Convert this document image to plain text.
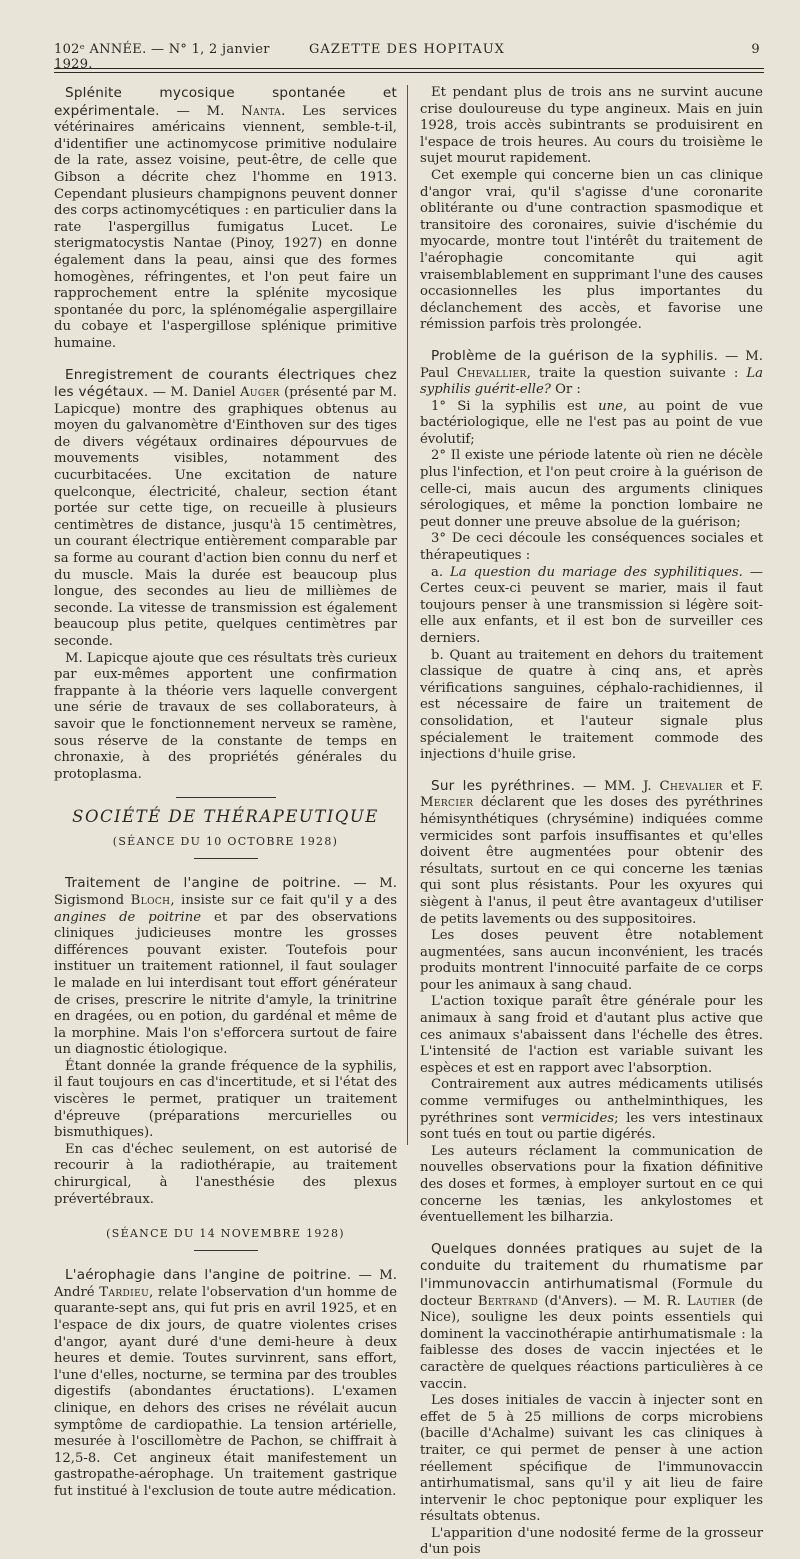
102ᵉ ANNÉE. — N° 1, 2 janvier 1929.
GAZETTE DES HOPITAUX	9

Splénite mycosique spontanée et expérimentale. — M. Nanta. Les services vétérinaires américains viennent, semble-t-il, d'identifier une actinomycose primitive nodulaire de la rate, assez voisine, peut-être, de celle que Gibson a décrite chez l'homme en 1913. Cependant plusieurs champignons peuvent donner des corps actinomycétiques : en particulier dans la rate l'aspergillus fumigatus Lucet. Le sterigmatocystis Nantae (Pinoy, 1927) en donne également dans la peau, ainsi que des formes homogènes, réfringentes, et l'on peut faire un rapprochement entre la splénite mycosique spontanée du porc, la splénomégalie aspergillaire du cobaye et l'aspergillose splénique primitive humaine.

Enregistrement de courants électriques chez les végétaux. — M. Daniel Auger (présenté par M. Lapicque) montre des graphiques obtenus au moyen du galvanomètre d'Einthoven sur des tiges de divers végétaux ordinaires dépourvues de mouvements visibles, notamment des cucurbitacées. Une excitation de nature quelconque, électricité, chaleur, section étant portée sur cette tige, on recueille à plusieurs centimètres de distance, jusqu'à 15 centimètres, un courant électrique entièrement comparable par sa forme au courant d'action bien connu du nerf et du muscle. Mais la durée est beaucoup plus longue, des secondes au lieu de millièmes de seconde. La vitesse de transmission est également beaucoup plus petite, quelques centimètres par seconde.

M. Lapicque ajoute que ces résultats très curieux par eux-mêmes apportent une confirmation frappante à la théorie vers laquelle convergent une série de travaux de ses collaborateurs, à savoir que le fonctionnement nerveux se ramène, sous réserve de la constante de temps en chronaxie, à des propriétés générales du protoplasma.

SOCIÉTÉ DE THÉRAPEUTIQUE
(SÉANCE DU 10 OCTOBRE 1928)

Traitement de l'angine de poitrine. — M. Sigismond Bloch, insiste sur ce fait qu'il y a des angines de poitrine et par des observations cliniques judicieuses montre les grosses différences pouvant exister. Toutefois pour instituer un traitement rationnel, il faut soulager le malade en lui interdisant tout effort générateur de crises, prescrire le nitrite d'amyle, la trinitrine en dragées, ou en potion, du gardénal et même de la morphine. Mais l'on s'efforcera surtout de faire un diagnostic étiologique.

Étant donnée la grande fréquence de la syphilis, il faut toujours en cas d'incertitude, et si l'état des viscères le permet, pratiquer un traitement d'épreuve (préparations mercurielles ou bismuthiques).

En cas d'échec seulement, on est autorisé de recourir à la radiothérapie, au traitement chirurgical, à l'anesthésie des plexus prévertébraux.

(SÉANCE DU 14 NOVEMBRE 1928)

L'aérophagie dans l'angine de poitrine. — M. André Tardieu, relate l'observation d'un homme de quarante-sept ans, qui fut pris en avril 1925, et en l'espace de dix jours, de quatre violentes crises d'angor, ayant duré d'une demi-heure à deux heures et demie. Toutes survinrent, sans effort, l'une d'elles, nocturne, se termina par des troubles digestifs (abondantes éructations). L'examen clinique, en dehors des crises ne révélait aucun symptôme de cardiopathie. La tension artérielle, mesurée à l'oscillomètre de Pachon, se chiffrait à 12,5-8. Cet angineux était manifestement un gastropathe-aérophage. Un traitement gastrique fut institué à l'exclusion de toute autre médication.

Et pendant plus de trois ans ne survint aucune crise douloureuse du type angineux. Mais en juin 1928, trois accès subintrants se produisirent en l'espace de trois heures. Au cours du troisième le sujet mourut rapidement.

Cet exemple qui concerne bien un cas clinique d'angor vrai, qu'il s'agisse d'une coronarite oblitérante ou d'une contraction spasmodique et transitoire des coronaires, suivie d'ischémie du myocarde, montre tout l'intérêt du traitement de l'aérophagie concomitante qui agit vraisemblablement en supprimant l'une des causes occasionnelles les plus importantes du déclanchement des accès, et favorise une rémission parfois très prolongée.

Problème de la guérison de la syphilis. — M. Paul Chevallier, traite la question suivante : La syphilis guérit-elle? Or :

1° Si la syphilis est une, au point de vue bactériologique, elle ne l'est pas au point de vue évolutif;

2° Il existe une période latente où rien ne décèle plus l'infection, et l'on peut croire à la guérison de celle-ci, mais aucun des arguments cliniques sérologiques, et même la ponction lombaire ne peut donner une preuve absolue de la guérison;

3° De ceci découle les conséquences sociales et thérapeutiques :

a. La question du mariage des syphilitiques. — Certes ceux-ci peuvent se marier, mais il faut toujours penser à une transmission si légère soit-elle aux enfants, et il est bon de surveiller ces derniers.

b. Quant au traitement en dehors du traitement classique de quatre à cinq ans, et après vérifications sanguines, céphalo-rachidiennes, il est nécessaire de faire un traitement de consolidation, et l'auteur signale plus spécialement le traitement commode des injections d'huile grise.

Sur les pyréthrines. — MM. J. Chevalier et F. Mercier déclarent que les doses des pyréthrines hémisynthétiques (chrysémine) indiquées comme vermicides sont parfois insuffisantes et qu'elles doivent être augmentées pour obtenir des résultats, surtout en ce qui concerne les tænias qui sont plus résistants. Pour les oxyures qui siègent à l'anus, il peut être avantageux d'utiliser de petits lavements ou des suppositoires.

Les doses peuvent être notablement augmentées, sans aucun inconvénient, les tracés produits montrent l'innocuité parfaite de ce corps pour les animaux à sang chaud.

L'action toxique paraît être générale pour les animaux à sang froid et d'autant plus active que ces animaux s'abaissent dans l'échelle des êtres. L'intensité de l'action est variable suivant les espèces et est en rapport avec l'absorption.

Contrairement aux autres médicaments utilisés comme vermifuges ou anthelminthiques, les pyréthrines sont vermicides; les vers intestinaux sont tués en tout ou partie digérés.

Les auteurs réclament la communication de nouvelles observations pour la fixation définitive des doses et formes, à employer surtout en ce qui concerne les tænias, les ankylostomes et éventuellement les bilharzia.

Quelques données pratiques au sujet de la conduite du traitement du rhumatisme par l'immunovaccin antirhumatismal (Formule du docteur Bertrand (d'Anvers). — M. R. Lautier (de Nice), souligne les deux points essentiels qui dominent la vaccinothérapie antirhumatismale : la faiblesse des doses de vaccin injectées et le caractère de quelques réactions particulières à ce vaccin.

Les doses initiales de vaccin à injecter sont en effet de 5 à 25 millions de corps microbiens (bacille d'Achalme) suivant les cas cliniques à traiter, ce qui permet de penser à une action réellement spécifique de l'immunovaccin antirhumatismal, sans qu'il y ait lieu de faire intervenir le choc peptonique pour expliquer les résultats obtenus.

L'apparition d'une nodosité ferme de la grosseur d'un pois
